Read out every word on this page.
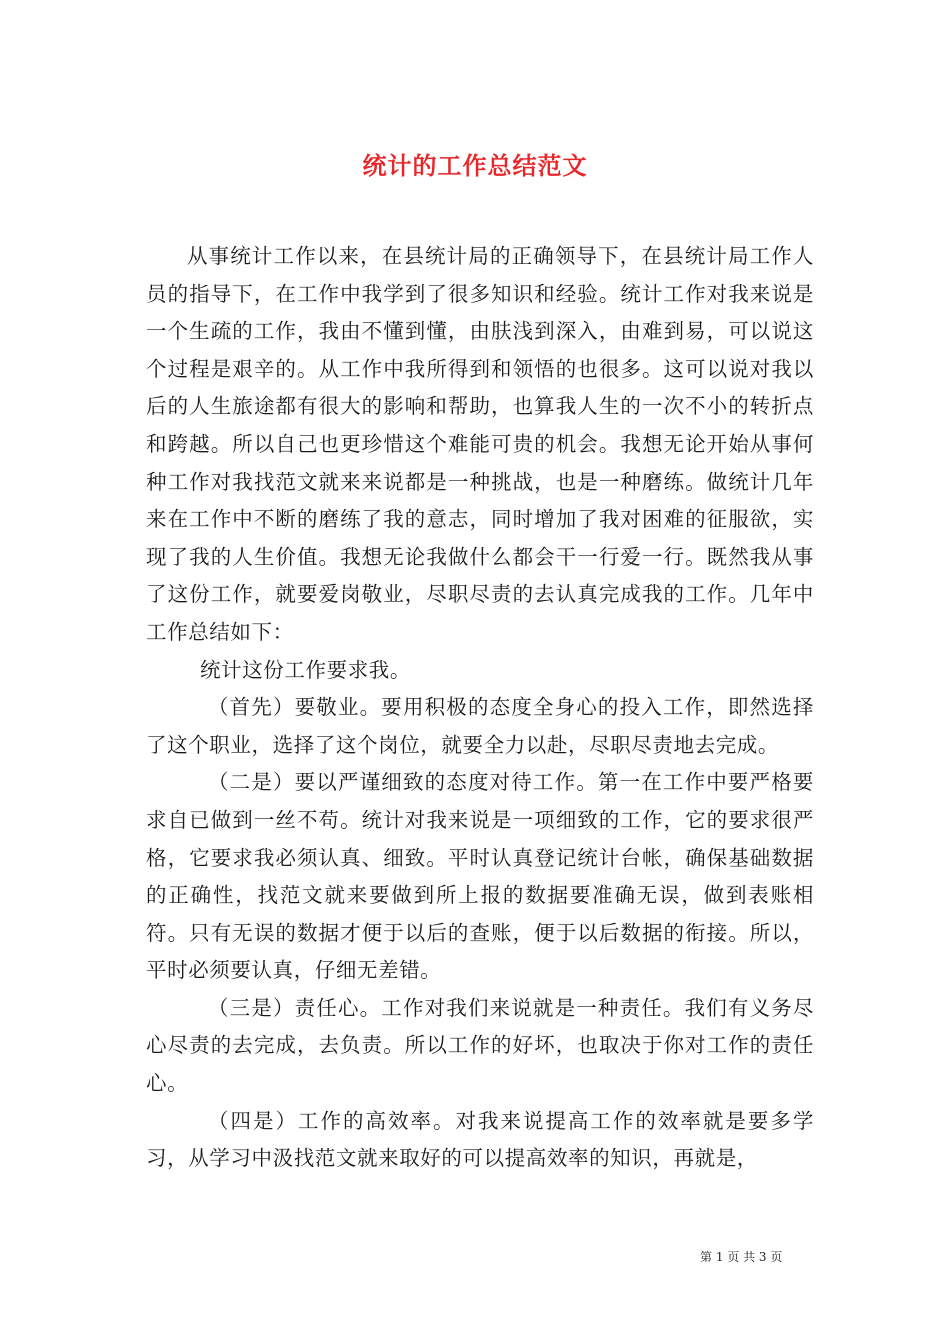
统计的工作总结范文

从事统计工作以来，在县统计局的正确领导下，在县统计局工作人员的指导下，在工作中我学到了很多知识和经验。统计工作对我来说是一个生疏的工作，我由不懂到懂，由肤浅到深入，由难到易，可以说这个过程是艰辛的。从工作中我所得到和领悟的也很多。这可以说对我以后的人生旅途都有很大的影响和帮助，也算我人生的一次不小的转折点和跨越。所以自己也更珍惜这个难能可贵的机会。我想无论开始从事何种工作对我找范文就来来说都是一种挑战，也是一种磨练。做统计几年来在工作中不断的磨练了我的意志，同时增加了我对困难的征服欲，实现了我的人生价值。我想无论我做什么都会干一行爱一行。既然我从事了这份工作，就要爱岗敬业，尽职尽责的去认真完成我的工作。几年中工作总结如下：

统计这份工作要求我。

（首先）要敬业。要用积极的态度全身心的投入工作，即然选择了这个职业，选择了这个岗位，就要全力以赴，尽职尽责地去完成。

（二是）要以严谨细致的态度对待工作。第一在工作中要严格要求自已做到一丝不苟。统计对我来说是一项细致的工作，它的要求很严格，它要求我必须认真、细致。平时认真登记统计台帐，确保基础数据的正确性，找范文就来要做到所上报的数据要准确无误，做到表账相符。只有无误的数据才便于以后的查账，便于以后数据的衔接。所以，平时必须要认真，仔细无差错。

（三是）责任心。工作对我们来说就是一种责任。我们有义务尽心尽责的去完成，去负责。所以工作的好坏，也取决于你对工作的责任心。

（四是）工作的高效率。对我来说提高工作的效率就是要多学习，从学习中汲找范文就来取好的可以提高效率的知识，再就是，

第 1 页 共 3 页
